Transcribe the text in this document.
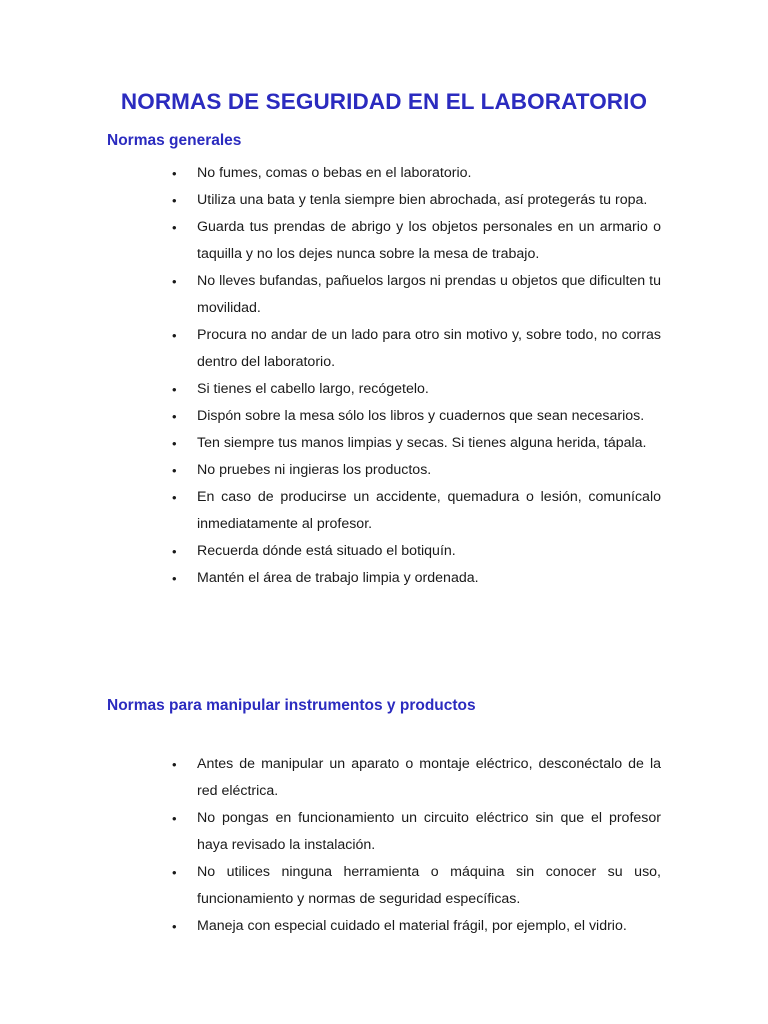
NORMAS DE SEGURIDAD EN EL LABORATORIO
Normas generales
• No fumes, comas o bebas en el laboratorio.
• Utiliza una bata y tenla siempre bien abrochada, así protegerás tu ropa.
• Guarda tus prendas de abrigo y los objetos personales en un armario o taquilla y no los dejes nunca sobre la mesa de trabajo.
• No lleves bufandas, pañuelos largos ni prendas u objetos que dificulten tu movilidad.
• Procura no andar de un lado para otro sin motivo y, sobre todo, no corras dentro del laboratorio.
• Si tienes el cabello largo, recógetelo.
• Dispón sobre la mesa sólo los libros y cuadernos que sean necesarios.
• Ten siempre tus manos limpias y secas. Si tienes alguna herida, tápala.
• No pruebes ni ingieras los productos.
• En caso de producirse un accidente, quemadura o lesión, comunícalo inmediatamente al profesor.
• Recuerda dónde está situado el botiquín.
• Mantén el área de trabajo limpia y ordenada.
Normas para manipular instrumentos y productos
• Antes de manipular un aparato o montaje eléctrico, desconéctalo de la red eléctrica.
• No pongas en funcionamiento un circuito eléctrico sin que el profesor haya revisado la instalación.
• No utilices ninguna herramienta o máquina sin conocer su uso, funcionamiento y normas de seguridad específicas.
• Maneja con especial cuidado el material frágil, por ejemplo, el vidrio.
